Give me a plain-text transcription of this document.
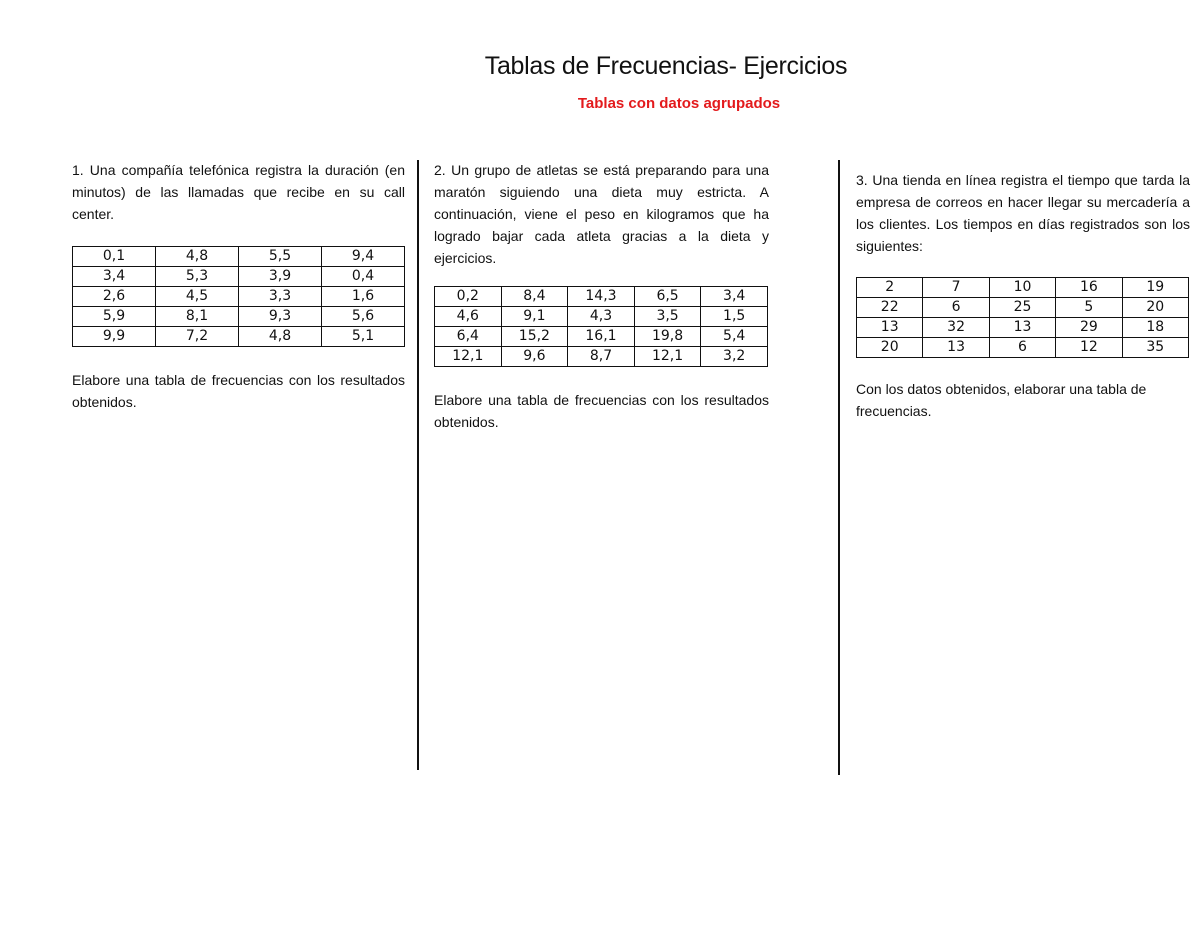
Tablas de Frecuencias- Ejercicios
Tablas con datos agrupados

1. Una compañía telefónica registra la duración (en minutos) de las llamadas que recibe en su call center.

0,1	4,8	5,5	9,4
3,4	5,3	3,9	0,4
2,6	4,5	3,3	1,6
5,9	8,1	9,3	5,6
9,9	7,2	4,8	5,1

Elabore una tabla de frecuencias con los resultados obtenidos.

2. Un grupo de atletas se está preparando para una maratón siguiendo una dieta muy estricta. A continuación, viene el peso en kilogramos que ha logrado bajar cada atleta gracias a la dieta y ejercicios.

0,2	8,4	14,3	6,5	3,4
4,6	9,1	4,3	3,5	1,5
6,4	15,2	16,1	19,8	5,4
12,1	9,6	8,7	12,1	3,2

Elabore una tabla de frecuencias con los resultados obtenidos.

3. Una tienda en línea registra el tiempo que tarda la empresa de correos en hacer llegar su mercadería a los clientes. Los tiempos en días registrados son los siguientes:

2	7	10	16	19
22	6	25	5	20
13	32	13	29	18
20	13	6	12	35

Con los datos obtenidos, elaborar una tabla de frecuencias.
